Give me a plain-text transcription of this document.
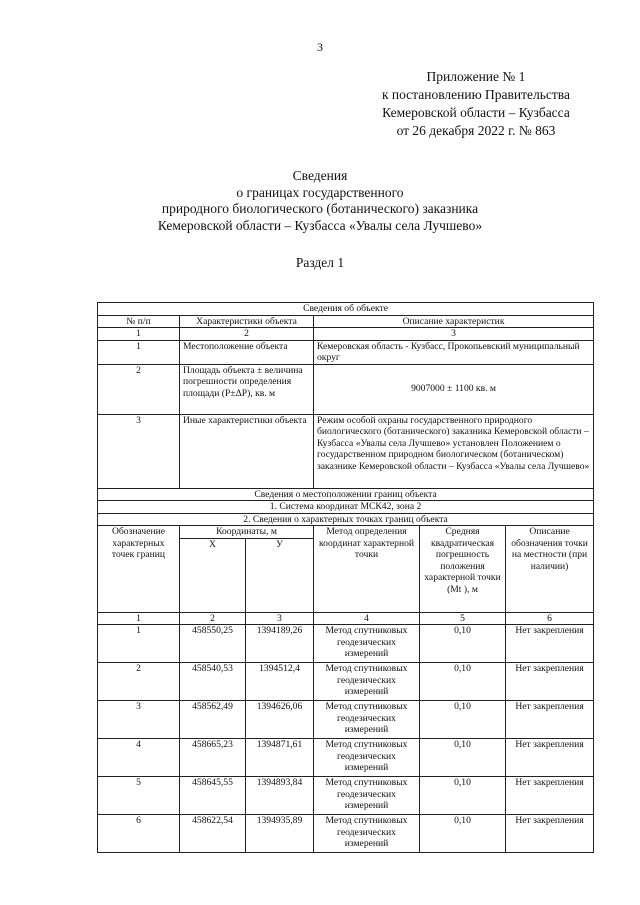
3
Приложение № 1
к постановлению Правительства
Кемеровской области – Кузбасса
от 26 декабря 2022 г. № 863
Сведения
о границах государственного
природного биологического (ботанического) заказника
Кемеровской области – Кузбасса «Увалы села Лучшево»
Раздел 1
Сведения об объекте					
№ п/п	Характеристики объекта		Описание характеристик		
1	2		3		
1	Местоположение объекта		Кемеровская область - Кузбасс, Прокопьевский муниципальный округ		
2	Площадь объекта ± величина погрешности определения площади (Р±ΔР), кв. м		9007000 ± 1100 кв. м		
3	Иные характеристики объекта		Режим особой охраны государственного природного биологического (ботанического) заказника Кемеровской области – Кузбасса «Увалы села Лучшево» установлен Положением о государственном природном биологическом (ботаническом) заказнике Кемеровской области – Кузбасса «Увалы села Лучшево»		
Сведения о местоположении границ объекта					
1. Система координат МСК42, зона 2					
2. Сведения о характерных точках границ объекта					
Обозначение характерных точек границ	Координаты, м		Метод определения координат характерной точки	Средняя квадратическая погрешность положения характерной точки (Мt ), м	Описание обозначения точки на местности (при наличии)
	X	У			
1	2	3	4	5	6
1	458550,25	1394189,26	Метод спутниковых геодезических измерений	0,10	Нет закрепления
2	458540,53	1394512,4	Метод спутниковых геодезических измерений	0,10	Нет закрепления
3	458562,49	1394626,06	Метод спутниковых геодезических измерений	0,10	Нет закрепления
4	458665,23	1394871,61	Метод спутниковых геодезических измерений	0,10	Нет закрепления
5	458645,55	1394893,84	Метод спутниковых геодезических измерений	0,10	Нет закрепления
6	458622,54	1394935,89	Метод спутниковых геодезических измерений	0,10	Нет закрепления
